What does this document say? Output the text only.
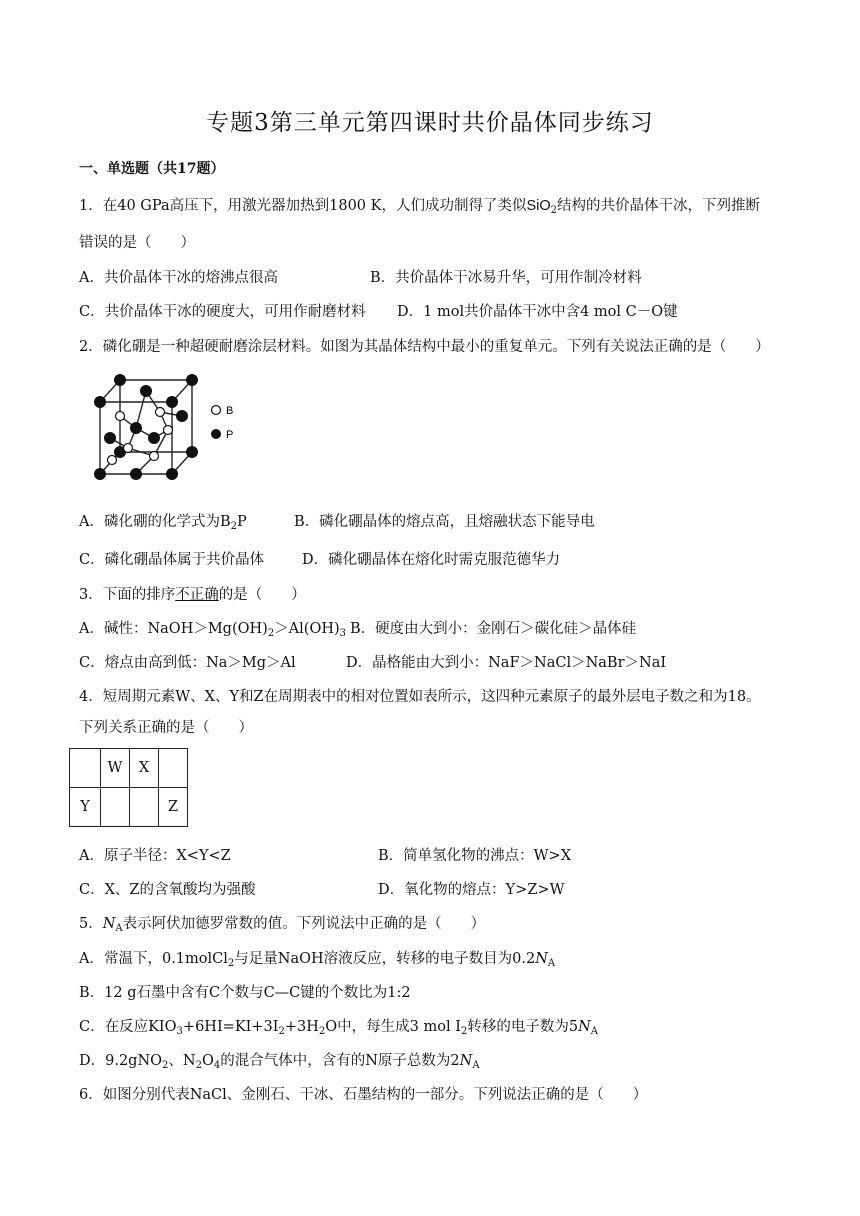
专题3第三单元第四课时共价晶体同步练习
一、单选题（共17题）
1．在40 GPa高压下，用激光器加热到1800 K，人们成功制得了类似SiO$_2$结构的共价晶体干冰，下列推断
错误的是（　　）
A．共价晶体干冰的熔沸点很高	B．共价晶体干冰易升华，可用作制冷材料
C．共价晶体干冰的硬度大，可用作耐磨材料 D．1 mol共价晶体干冰中含4 mol C－O键
2．磷化硼是一种超硬耐磨涂层材料。如图为其晶体结构中最小的重复单元。下列有关说法正确的是（　　）
B
P
A．磷化硼的化学式为$B_2P$	B．磷化硼晶体的熔点高，且熔融状态下能导电
C．磷化硼晶体属于共价晶体	D．磷化硼晶体在熔化时需克服范德华力
3．下面的排序不正确的是（　　）
A．碱性：$NaOH>Mg(OH)_2>Al(OH)_3$ B．硬度由大到小：金刚石＞碳化硅＞晶体硅
C．熔点由高到低：Na＞Mg＞Al	D．晶格能由大到小：NaF＞NaCl＞NaBr＞NaI
4．短周期元素W、X、Y和Z在周期表中的相对位置如表所示，这四种元素原子的最外层电子数之和为18。
下列关系正确的是（　　）
	W	X	
Y			Z
A．原子半径：X<Y<Z	B．简单氢化物的沸点：W>X
C．X、Z的含氧酸均为强酸	D．氧化物的熔点：Y>Z>W
5．$N_A$表示阿伏加德罗常数的值。下列说法中正确的是（　　）
A．常温下，0.1molCl$_2$与足量NaOH溶液反应，转移的电子数目为$0.2N_A$
B．12 g石墨中含有C个数与C—C键的个数比为1:2
C．在反应$KIO_3+6HI=KI+3I_2+3H_2O$中，每生成3 mol $I_2$转移的电子数为$5N_A$
D．9.2gNO$_2$、$N_2O_4$的混合气体中，含有的N原子总数为$2N_A$
6．如图分别代表NaCl、金刚石、干冰、石墨结构的一部分。下列说法正确的是（　　）
